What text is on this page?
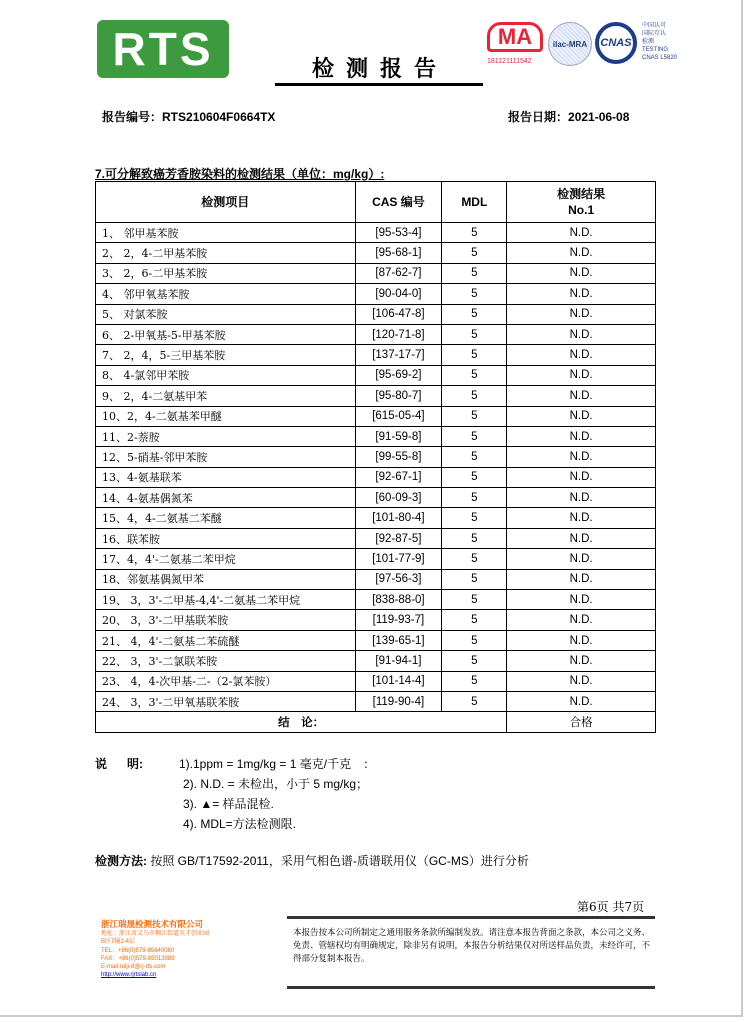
RTS	检测报告
MA
181121111542
ilac-MRA	CNAS
中国认可
国际互认
检测
TESTING
CNAS L5820
报告编号：RTS210604F0664TX	报告日期：2021-06-08
7.可分解致癌芳香胺染料的检测结果（单位：mg/kg）:
检测项目	CAS 编号	MDL	检测结果
No.1

1、 邻甲基苯胺	[95-53-4]	5	N.D.
2、 2，4-二甲基苯胺	[95-68-1]	5	N.D.
3、 2，6-二甲基苯胺	[87-62-7]	5	N.D.
4、 邻甲氧基苯胺	[90-04-0]	5	N.D.
5、 对氯苯胺	[106-47-8]	5	N.D.
6、 2-甲氧基-5-甲基苯胺	[120-71-8]	5	N.D.
7、 2，4，5-三甲基苯胺	[137-17-7]	5	N.D.
8、 4-氯邻甲苯胺	[95-69-2]	5	N.D.
9、 2，4-二氨基甲苯	[95-80-7]	5	N.D.
10、2，4-二氨基苯甲醚	[615-05-4]	5	N.D.
11、2-萘胺	[91-59-8]	5	N.D.
12、5-硝基-邻甲苯胺	[99-55-8]	5	N.D.
13、4-氨基联苯	[92-67-1]	5	N.D.
14、4-氨基偶氮苯	[60-09-3]	5	N.D.
15、4，4-二氨基二苯醚	[101-80-4]	5	N.D.
16、联苯胺	[92-87-5]	5	N.D.
17、4，4'-二氨基二苯甲烷	[101-77-9]	5	N.D.
18、邻氨基偶氮甲苯	[97-56-3]	5	N.D.
19、 3，3'-二甲基-4,4'-二氨基二苯甲烷	[838-88-0]	5	N.D.
20、 3，3'-二甲基联苯胺	[119-93-7]	5	N.D.
21、 4，4'-二氨基二苯硫醚	[139-65-1]	5	N.D.
22、 3，3'-二氯联苯胺	[91-94-1]	5	N.D.
23、 4，4-次甲基-二-（2-氯苯胺）	[101-14-4]	5	N.D.
24、 3，3'-二甲氧基联苯胺	[119-90-4]	5	N.D.
结　论：			合格
说      明:	1).1ppm = 1mg/kg = 1 毫克/千克　：
2). N.D. = 未检出，小于 5 mg/kg；
3). ▲= 样品混检.
4). MDL=方法检测限.
检测方法: 按照 GB/T17592-2011，采用气相色谱-质谱联用仪（GC-MS）进行分析
第6页 共7页
本报告按本公司所制定之通用服务条款所编制发放。请注意本报告背面之条款，本公司之义务、免责、管辖权均有明确规定，除非另有说明，本报告分析结果仅对所送样品负责，未经许可，不得部分复制本报告。
浙江瑞晟检测技术有限公司
地址：浙江省义乌市稠江街道英才创业园
B区7幢2-4层
TEL：+86(0)579-85640080
FAX：+86(0)579-85013989
E-mail:ruiji-8@rj-rts.com
http://www.rjrtslab.cn
